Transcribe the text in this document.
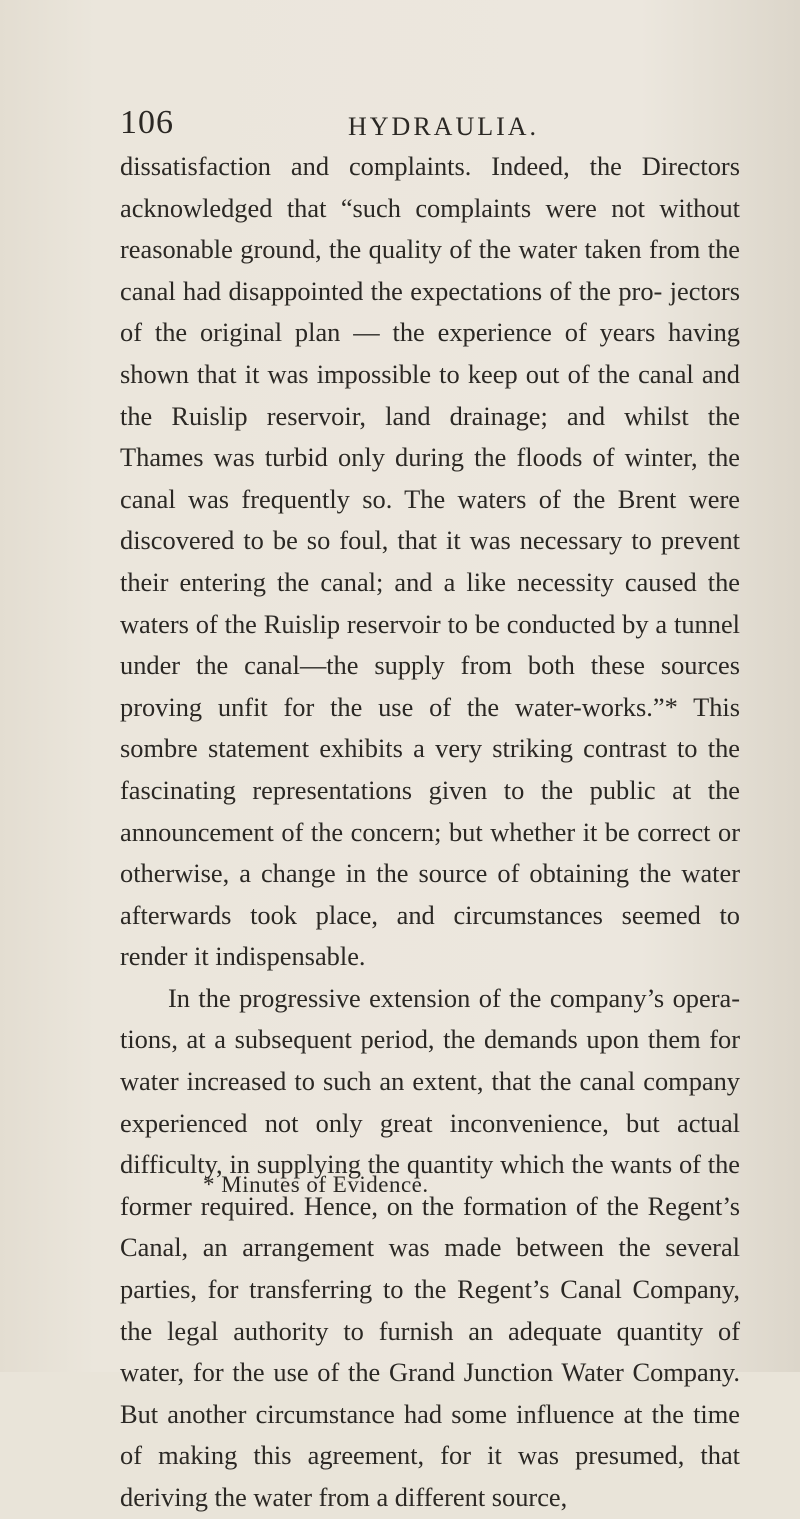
106	HYDRAULIA.

dissatisfaction and complaints. Indeed, the Directors acknowledged that “such complaints were not without reasonable ground, the quality of the water taken from the canal had disappointed the expectations of the pro- jectors of the original plan — the experience of years having shown that it was impossible to keep out of the canal and the Ruislip reservoir, land drainage; and whilst the Thames was turbid only during the floods of winter, the canal was frequently so. The waters of the Brent were discovered to be so foul, that it was necessary to prevent their entering the canal; and a like necessity caused the waters of the Ruislip reservoir to be conducted by a tunnel under the canal—the supply from both these sources proving unfit for the use of the water-works.”* This sombre statement exhibits a very striking contrast to the fascinating representations given to the public at the announcement of the concern; but whether it be correct or otherwise, a change in the source of obtaining the water afterwards took place, and circumstances seemed to render it indispensable.

In the progressive extension of the company’s opera- tions, at a subsequent period, the demands upon them for water increased to such an extent, that the canal company experienced not only great inconvenience, but actual difficulty, in supplying the quantity which the wants of the former required. Hence, on the formation of the Regent’s Canal, an arrangement was made between the several parties, for transferring to the Regent’s Canal Company, the legal authority to furnish an adequate quantity of water, for the use of the Grand Junction Water Company. But another circumstance had some influence at the time of making this agreement, for it was presumed, that deriving the water from a different source,

* Minutes of Evidence.
